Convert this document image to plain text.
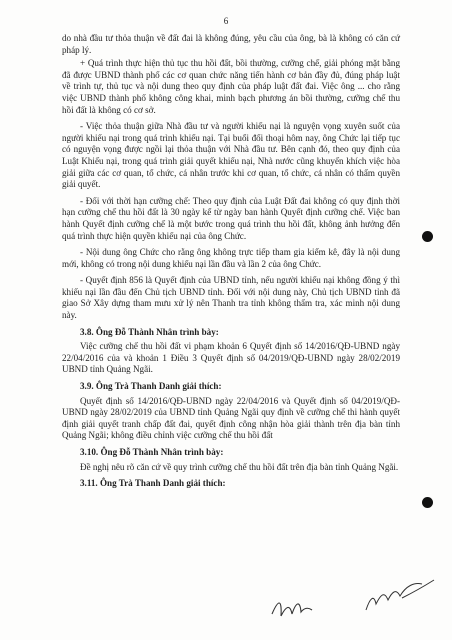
6

do nhà đầu tư thỏa thuận về đất đai là không đúng, yêu cầu của ông, bà là không có căn cứ pháp lý.

+ Quá trình thực hiện thủ tục thu hồi đất, bồi thường, cưỡng chế, giải phóng mặt bằng đã được UBND thành phố các cơ quan chức năng tiến hành cơ bản đầy đủ, đúng pháp luật về trình tự, thủ tục và nội dung theo quy định của pháp luật đất đai. Việc ông ... cho rằng việc UBND thành phố không công khai, minh bạch phương án bồi thường, cưỡng chế thu hồi đất là không có cơ sở.

- Việc thỏa thuận giữa Nhà đầu tư và người khiếu nại là nguyện vọng xuyên suốt của người khiếu nại trong quá trình khiếu nại. Tại buổi đối thoại hôm nay, ông Chức lại tiếp tục có nguyện vọng được ngồi lại thỏa thuận với Nhà đầu tư. Bên cạnh đó, theo quy định của Luật Khiếu nại, trong quá trình giải quyết khiếu nại, Nhà nước cũng khuyến khích việc hòa giải giữa các cơ quan, tổ chức, cá nhân trước khi cơ quan, tổ chức, cá nhân có thẩm quyền giải quyết.

- Đối với thời hạn cưỡng chế: Theo quy định của Luật Đất đai không có quy định thời hạn cưỡng chế thu hồi đất là 30 ngày kể từ ngày ban hành Quyết định cưỡng chế. Việc ban hành Quyết định cưỡng chế là một bước trong quá trình thu hồi đất, không ảnh hưởng đến quá trình thực hiện quyền khiếu nại của ông Chức.

- Nội dung ông Chức cho rằng ông không trực tiếp tham gia kiểm kê, đây là nội dung mới, không có trong nội dung khiếu nại lần đầu và lần 2 của ông Chức.

- Quyết định 856 là Quyết định của UBND tỉnh, nếu người khiếu nại không đồng ý thì khiếu nại lần đầu đến Chủ tịch UBND tỉnh. Đối với nội dung này, Chủ tịch UBND tỉnh đã giao Sở Xây dựng tham mưu xử lý nên Thanh tra tỉnh không thẩm tra, xác minh nội dung này.

3.8. Ông Đỗ Thành Nhân trình bày:

Việc cưỡng chế thu hồi đất vi phạm khoản 6 Quyết định số 14/2016/QĐ-UBND ngày 22/04/2016 của và khoản 1 Điều 3 Quyết định số 04/2019/QĐ-UBND ngày 28/02/2019 UBND tỉnh Quảng Ngãi.

3.9. Ông Trà Thanh Danh giải thích:

Quyết định số 14/2016/QĐ-UBND ngày 22/04/2016 và Quyết định số 04/2019/QĐ-UBND ngày 28/02/2019 của UBND tỉnh Quảng Ngãi quy định về cưỡng chế thi hành quyết định giải quyết tranh chấp đất đai, quyết định công nhận hòa giải thành trên địa bàn tỉnh Quảng Ngãi; không điều chỉnh việc cưỡng chế thu hồi đất

3.10. Ông Đỗ Thành Nhân trình bày:

Đề nghị nêu rõ căn cứ về quy trình cưỡng chế thu hồi đất trên địa bàn tỉnh Quảng Ngãi.

3.11. Ông Trà Thanh Danh giải thích:
